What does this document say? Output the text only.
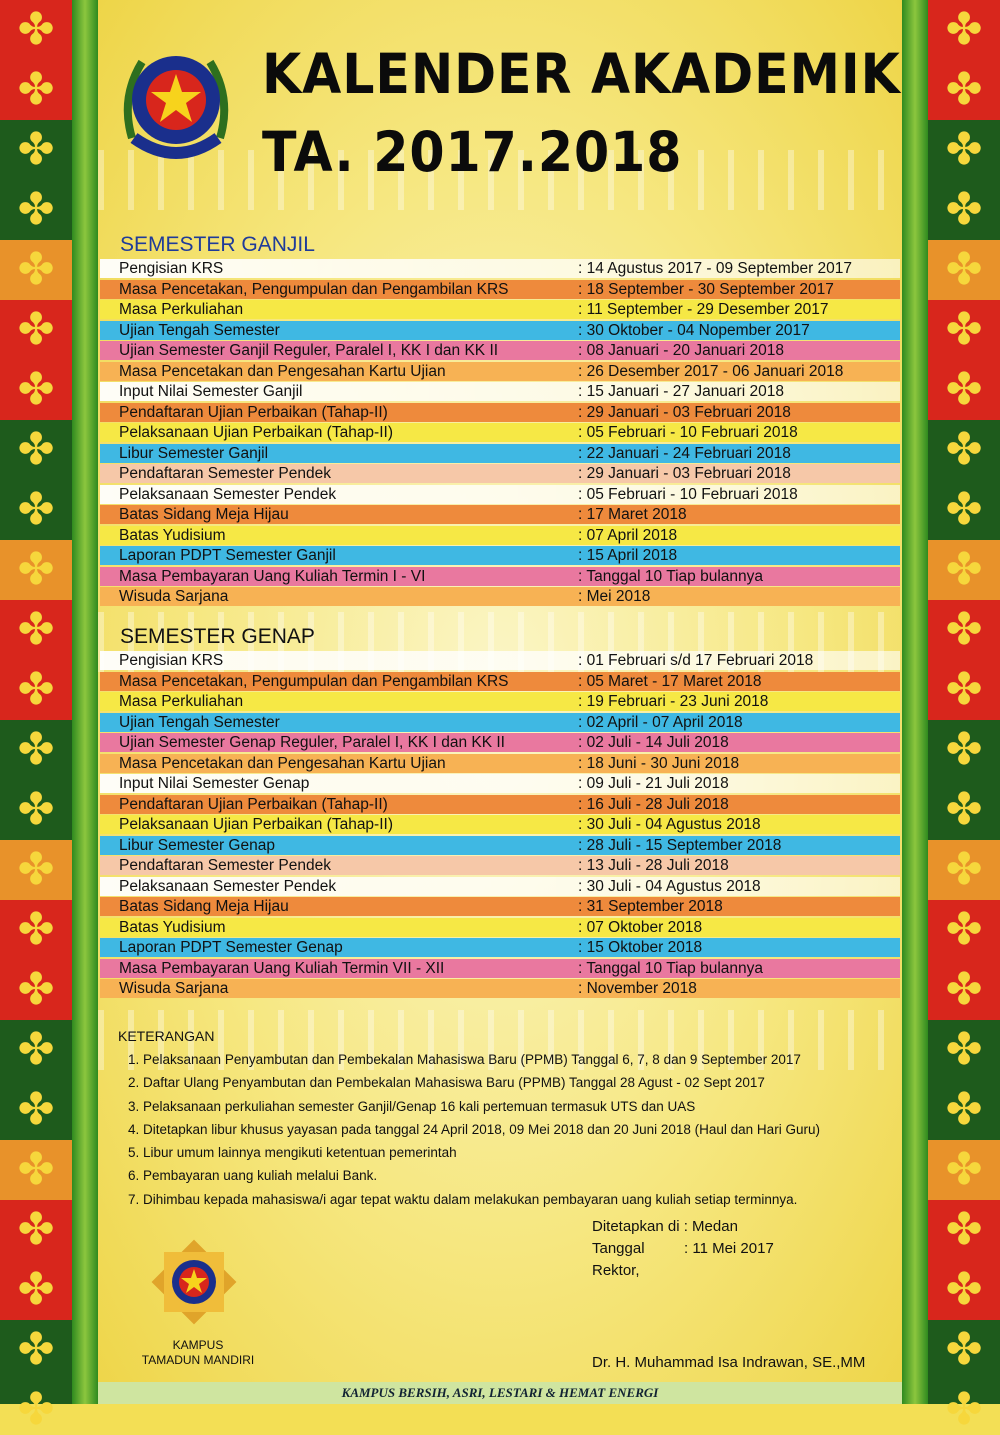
✤
✤
✤
✤
✤
✤
✤
✤
✤
✤
✤
✤
✤
✤
✤
✤
✤
✤
✤
✤
✤
✤
✤
✤
✤
✤
✤
✤
✤
✤
✤
✤
✤
✤
✤
✤
✤
✤
✤
✤
✤
✤
✤
✤
✤
✤
✤
✤
KALENDER AKADEMIK
TA. 2017.2018
SEMESTER GANJIL
Pengisian KRS	: 14 Agustus 2017 - 09 September 2017
Masa Pencetakan, Pengumpulan dan Pengambilan KRS	: 18 September - 30 September 2017
Masa Perkuliahan	: 11 September - 29 Desember 2017
Ujian Tengah Semester	: 30 Oktober - 04 Nopember 2017
Ujian Semester Ganjil Reguler, Paralel I, KK I dan KK II	: 08 Januari - 20 Januari 2018
Masa Pencetakan dan Pengesahan Kartu Ujian	: 26 Desember 2017 - 06 Januari 2018
Input Nilai Semester Ganjil	: 15 Januari - 27 Januari 2018
Pendaftaran Ujian Perbaikan (Tahap-II)	: 29 Januari - 03 Februari 2018
Pelaksanaan Ujian Perbaikan (Tahap-II)	: 05 Februari - 10 Februari 2018
Libur Semester Ganjil	: 22 Januari - 24 Februari 2018
Pendaftaran Semester Pendek	: 29 Januari - 03 Februari 2018
Pelaksanaan Semester Pendek	: 05 Februari - 10 Februari 2018
Batas Sidang Meja Hijau	: 17 Maret 2018
Batas Yudisium	: 07 April 2018
Laporan PDPT Semester Ganjil	: 15 April 2018
Masa Pembayaran Uang Kuliah Termin I - VI	: Tanggal 10 Tiap bulannya
Wisuda Sarjana	: Mei 2018
SEMESTER GENAP
Pengisian KRS	: 01 Februari s/d 17 Februari 2018
Masa Pencetakan, Pengumpulan dan Pengambilan KRS	: 05 Maret - 17 Maret 2018
Masa Perkuliahan	: 19 Februari - 23 Juni 2018
Ujian Tengah Semester	: 02 April - 07 April 2018
Ujian Semester Genap Reguler, Paralel I, KK I dan KK II	: 02 Juli - 14 Juli 2018
Masa Pencetakan dan Pengesahan Kartu Ujian	: 18 Juni - 30 Juni 2018
Input Nilai Semester Genap	: 09 Juli - 21 Juli 2018
Pendaftaran Ujian Perbaikan (Tahap-II)	: 16 Juli - 28 Juli 2018
Pelaksanaan Ujian Perbaikan (Tahap-II)	: 30 Juli - 04 Agustus 2018
Libur Semester Genap	: 28 Juli - 15 September 2018
Pendaftaran Semester Pendek	: 13 Juli - 28 Juli 2018
Pelaksanaan Semester Pendek	: 30 Juli - 04 Agustus 2018
Batas Sidang Meja Hijau	: 31 September 2018
Batas Yudisium	: 07 Oktober 2018
Laporan PDPT Semester Genap	: 15 Oktober 2018
Masa Pembayaran Uang Kuliah Termin VII - XII	: Tanggal 10 Tiap bulannya
Wisuda Sarjana	: November 2018
KETERANGAN
1. Pelaksanaan Penyambutan dan Pembekalan Mahasiswa Baru (PPMB) Tanggal 6, 7, 8 dan 9 September 2017
2. Daftar Ulang Penyambutan dan Pembekalan Mahasiswa Baru (PPMB) Tanggal 28 Agust - 02 Sept 2017
3. Pelaksanaan perkuliahan semester Ganjil/Genap 16 kali pertemuan termasuk UTS dan UAS
4. Ditetapkan libur khusus yayasan pada tanggal 24 April 2018, 09 Mei 2018 dan 20 Juni 2018 (Haul dan Hari Guru)
5. Libur umum lainnya mengikuti ketentuan pemerintah
6. Pembayaran uang kuliah melalui Bank.
7. Dihimbau kepada mahasiswa/i agar tepat waktu dalam melakukan pembayaran uang kuliah setiap terminnya.
Ditetapkan di : Medan
Tanggal	: 11 Mei 2017
Rektor,
Dr. H. Muhammad Isa Indrawan, SE.,MM
KAMPUS
TAMADUN MANDIRI
KAMPUS BERSIH, ASRI, LESTARI & HEMAT ENERGI
